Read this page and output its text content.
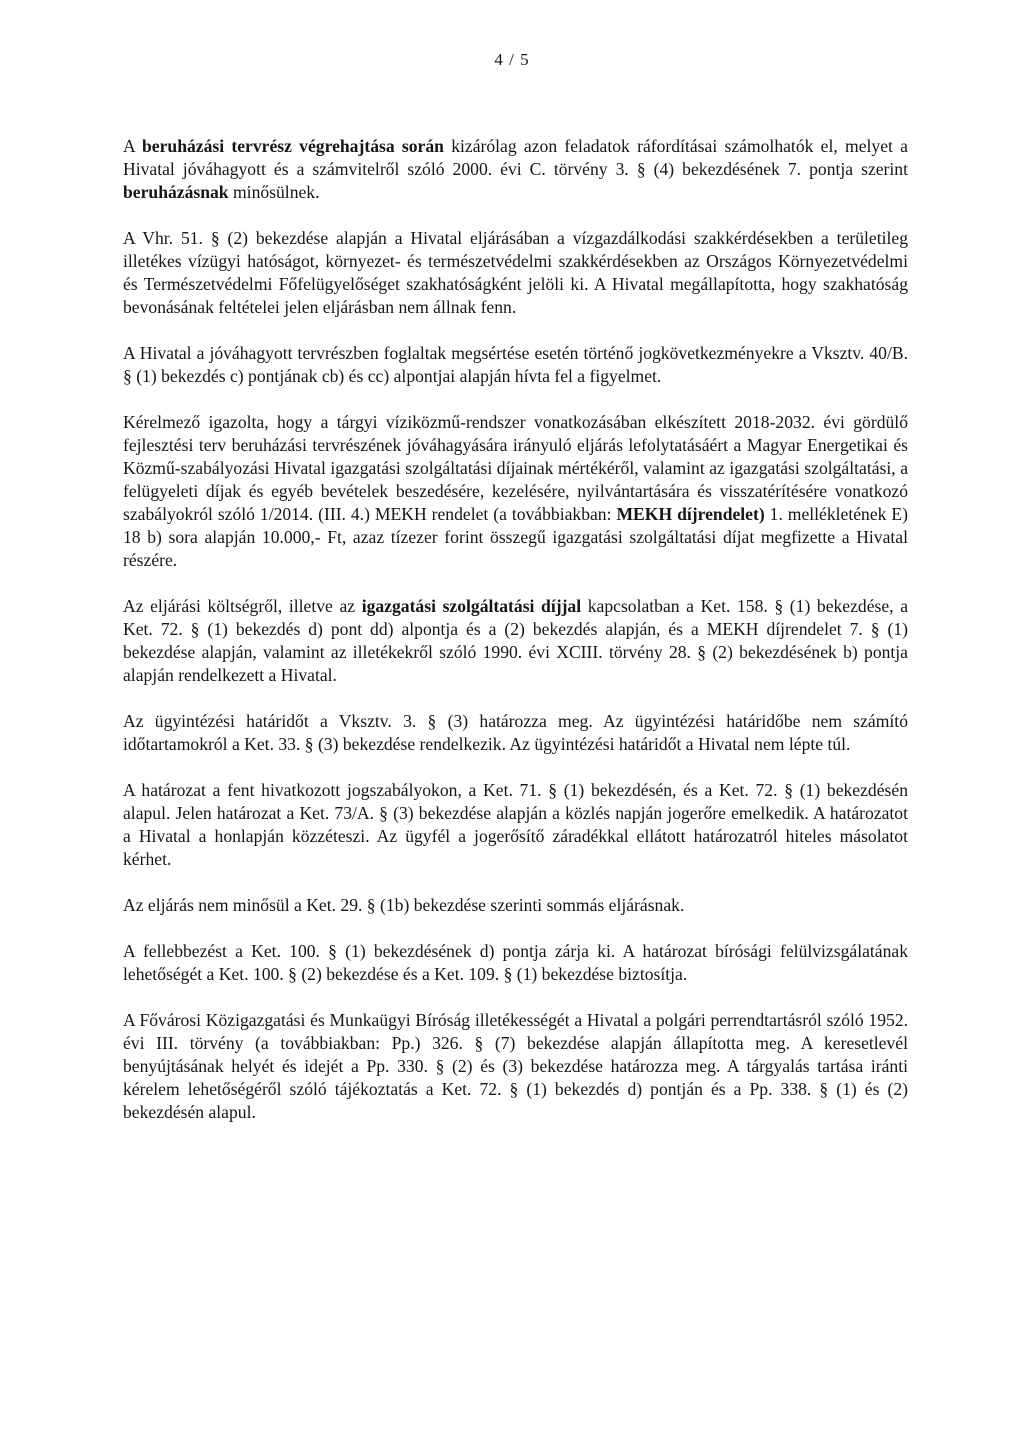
4 / 5

A beruházási tervrész végrehajtása során kizárólag azon feladatok ráfordításai számolhatók el, melyet a Hivatal jóváhagyott és a számvitelről szóló 2000. évi C. törvény 3. § (4) bekezdésének 7. pontja szerint beruházásnak minősülnek.

A Vhr. 51. § (2) bekezdése alapján a Hivatal eljárásában a vízgazdálkodási szakkérdésekben a területileg illetékes vízügyi hatóságot, környezet- és természetvédelmi szakkérdésekben az Országos Környezetvédelmi és Természetvédelmi Főfelügyelőséget szakhatóságként jelöli ki. A Hivatal megállapította, hogy szakhatóság bevonásának feltételei jelen eljárásban nem állnak fenn.

A Hivatal a jóváhagyott tervrészben foglaltak megsértése esetén történő jogkövetkezményekre a Vksztv. 40/B. § (1) bekezdés c) pontjának cb) és cc) alpontjai alapján hívta fel a figyelmet.

Kérelmező igazolta, hogy a tárgyi víziközmű-rendszer vonatkozásában elkészített 2018-2032. évi gördülő fejlesztési terv beruházási tervrészének jóváhagyására irányuló eljárás lefolytatásáért a Magyar Energetikai és Közmű-szabályozási Hivatal igazgatási szolgáltatási díjainak mértékéről, valamint az igazgatási szolgáltatási, a felügyeleti díjak és egyéb bevételek beszedésére, kezelésére, nyilvántartására és visszatérítésére vonatkozó szabályokról szóló 1/2014. (III. 4.) MEKH rendelet (a továbbiakban: MEKH díjrendelet) 1. mellékletének E) 18 b) sora alapján 10.000,- Ft, azaz tízezer forint összegű igazgatási szolgáltatási díjat megfizette a Hivatal részére.

Az eljárási költségről, illetve az igazgatási szolgáltatási díjjal kapcsolatban a Ket. 158. § (1) bekezdése, a Ket. 72. § (1) bekezdés d) pont dd) alpontja és a (2) bekezdés alapján, és a MEKH díjrendelet 7. § (1) bekezdése alapján, valamint az illetékekről szóló 1990. évi XCIII. törvény 28. § (2) bekezdésének b) pontja alapján rendelkezett a Hivatal.

Az ügyintézési határidőt a Vksztv. 3. § (3) határozza meg. Az ügyintézési határidőbe nem számító időtartamokról a Ket. 33. § (3) bekezdése rendelkezik. Az ügyintézési határidőt a Hivatal nem lépte túl.

A határozat a fent hivatkozott jogszabályokon, a Ket. 71. § (1) bekezdésén, és a Ket. 72. § (1) bekezdésén alapul. Jelen határozat a Ket. 73/A. § (3) bekezdése alapján a közlés napján jogerőre emelkedik. A határozatot a Hivatal a honlapján közzéteszi. Az ügyfél a jogerősítő záradékkal ellátott határozatról hiteles másolatot kérhet.

Az eljárás nem minősül a Ket. 29. § (1b) bekezdése szerinti sommás eljárásnak.

A fellebbezést a Ket. 100. § (1) bekezdésének d) pontja zárja ki. A határozat bírósági felülvizsgálatának lehetőségét a Ket. 100. § (2) bekezdése és a Ket. 109. § (1) bekezdése biztosítja.

A Fővárosi Közigazgatási és Munkaügyi Bíróság illetékességét a Hivatal a polgári perrendtartásról szóló 1952. évi III. törvény (a továbbiakban: Pp.) 326. § (7) bekezdése alapján állapította meg. A keresetlevél benyújtásának helyét és idejét a Pp. 330. § (2) és (3) bekezdése határozza meg. A tárgyalás tartása iránti kérelem lehetőségéről szóló tájékoztatás a Ket. 72. § (1) bekezdés d) pontján és a Pp. 338. § (1) és (2) bekezdésén alapul.
